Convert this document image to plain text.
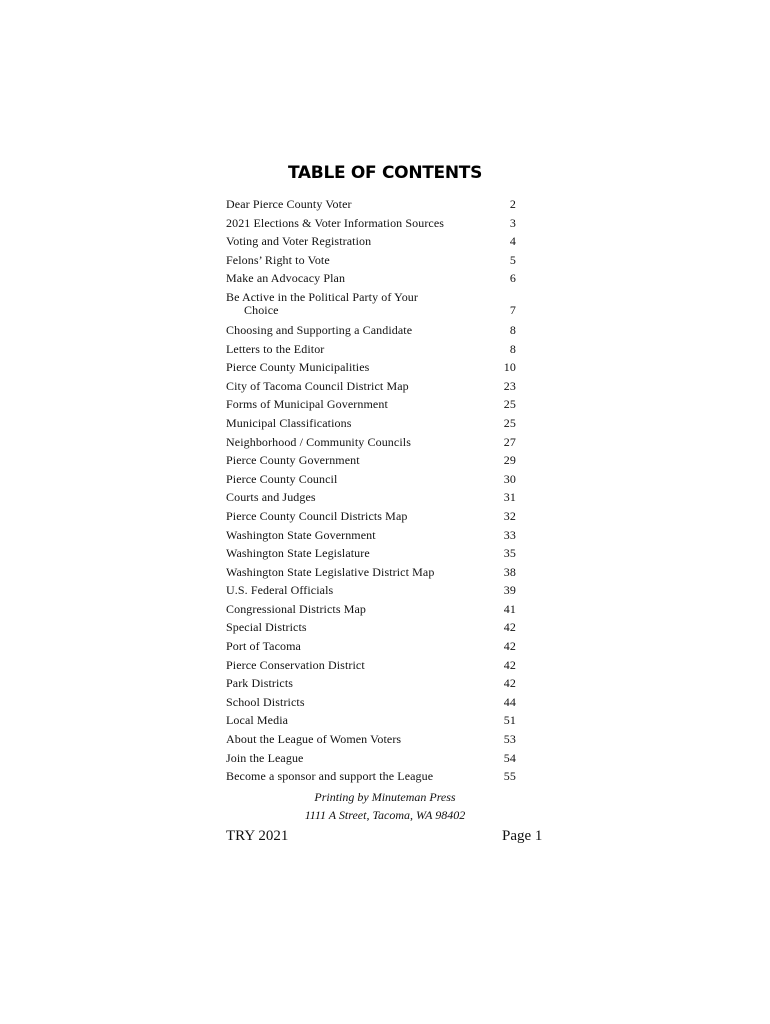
TABLE OF CONTENTS
Dear Pierce County Voter	2
2021 Elections & Voter Information Sources	3
Voting and Voter Registration	4
Felons’ Right to Vote	5
Make an Advocacy Plan	6
Be Active in the Political Party of Your
Choice	7
Choosing and Supporting a Candidate	8
Letters to the Editor	8
Pierce County Municipalities	10
City of Tacoma Council District Map	23
Forms of Municipal Government	25
Municipal Classifications	25
Neighborhood / Community Councils	27
Pierce County Government	29
Pierce County Council	30
Courts and Judges	31
Pierce County Council Districts Map	32
Washington State Government	33
Washington State Legislature	35
Washington State Legislative District Map	38
U.S. Federal Officials	39
Congressional Districts Map	41
Special Districts	42
Port of Tacoma	42
Pierce Conservation District	42
Park Districts	42
School Districts	44
Local Media	51
About the League of Women Voters	53
Join the League	54
Become a sponsor and support the League	55
Printing by Minuteman Press
1111 A Street, Tacoma, WA 98402
TRY 2021	Page 1
